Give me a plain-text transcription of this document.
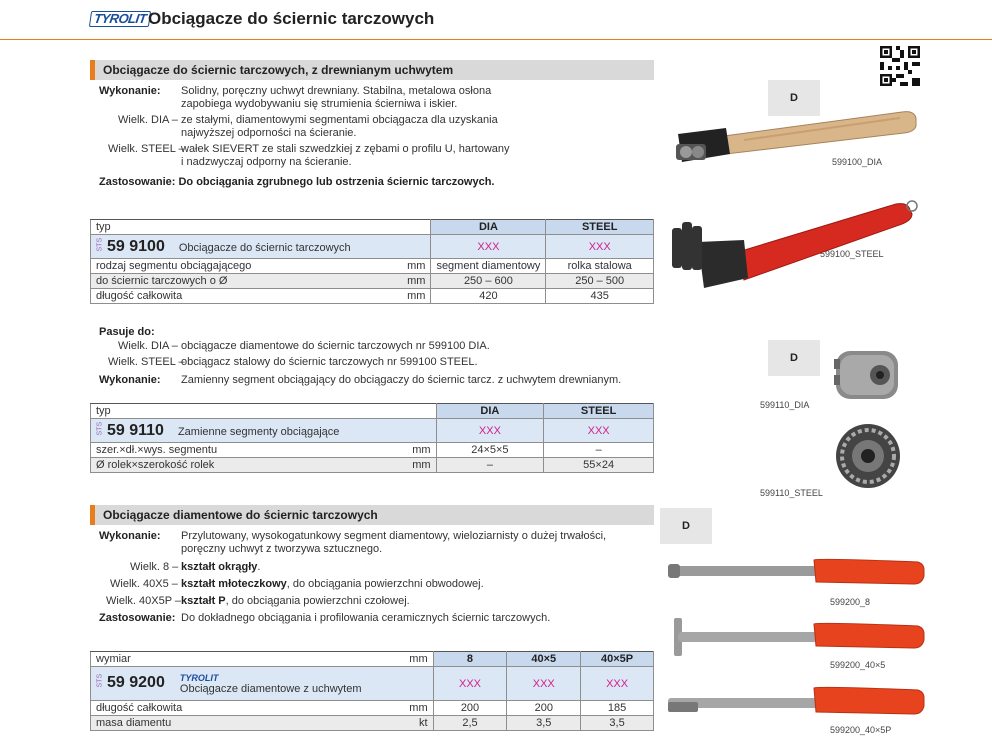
TYROLIT Obciągacze do ściernic tarczowych
Obciągacze do ściernic tarczowych, z drewnianym uchwytem
Wykonanie: Solidny, poręczny uchwyt drewniany. Stabilna, metalowa osłona
zapobiega wydobywaniu się strumienia ścierniwa i iskier.
Wielk. DIA – ze stałymi, diamentowymi segmentami obciągacza dla uzyskania
najwyższej odporności na ścieranie.
Wielk. STEEL –wałek SIEVERT ze stali szwedzkiej z zębami o profilu U, hartowany
i nadzwyczaj odporny na ścieranie.
Zastosowanie: Do obciągania zgrubnego lub ostrzenia ściernic tarczowych.
typ		DIA	STEEL
STS 59 9100 Obciągacze do ściernic tarczowych		XXX	XXX
rodzaj segmentu obciągającego	mm	segment diamentowy	rolka stalowa
do ściernic tarczowych o Ø	mm	250 – 600	250 – 500
długość całkowita	mm	420	435
Pasuje do:
Wielk. DIA – obciągacze diamentowe do ściernic tarczowych nr 599100 DIA.
Wielk. STEEL –obciągacz stalowy do ściernic tarczowych nr 599100 STEEL.
Wykonanie: Zamienny segment obciągający do obciągaczy do ściernic tarcz. z uchwytem drewnianym.
typ		DIA	STEEL
STS 59 9110 Zamienne segmenty obciągające		XXX	XXX
szer.×dł.×wys. segmentu	mm	24×5×5	–
Ø rolek×szerokość rolek	mm	–	55×24
Obciągacze diamentowe do ściernic tarczowych
Wykonanie: Przylutowany, wysokogatunkowy segment diamentowy, wieloziarnisty o dużej trwałości,
poręczny uchwyt z tworzywa sztucznego.
Wielk. 8 – kształt okrągły.
Wielk. 40X5 – kształt młoteczkowy, do obciągania powierzchni obwodowej.
Wielk. 40X5P –kształt P, do obciągania powierzchni czołowej.
Zastosowanie: Do dokładnego obciągania i profilowania ceramicznych ściernic tarczowych.
wymiar	mm	8	40×5	40×5P
STS 59 9200 TYROLIT
Obciągacze diamentowe z uchwytem		XXX	XXX	XXX
długość całkowita	mm	200	200	185
masa diamentu	kt	2,5	3,5	3,5
D
D
D
599100_DIA
599100_STEEL
599110_DIA
599110_STEEL
599200_8
599200_40×5
599200_40×5P
